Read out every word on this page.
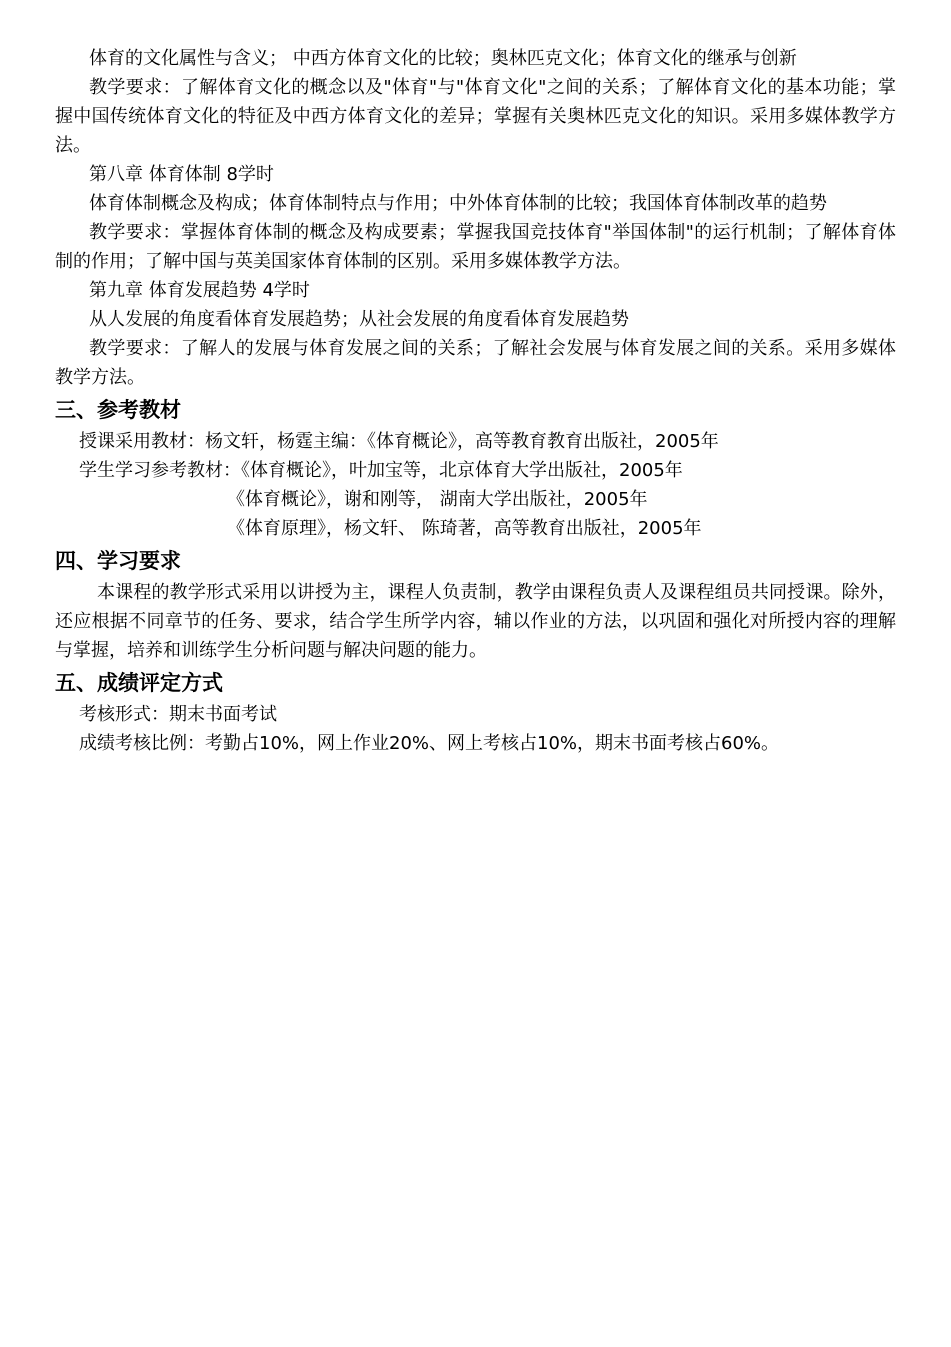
体育的文化属性与含义； 中西方体育文化的比较；奥林匹克文化；体育文化的继承与创新

教学要求：了解体育文化的概念以及"体育"与"体育文化"之间的关系；了解体育文化的基本功能；掌握中国传统体育文化的特征及中西方体育文化的差异；掌握有关奥林匹克文化的知识。采用多媒体教学方法。

第八章 体育体制 8学时
体育体制概念及构成；体育体制特点与作用；中外体育体制的比较；我国体育体制改革的趋势

教学要求：掌握体育体制的概念及构成要素；掌握我国竞技体育"举国体制"的运行机制；了解体育体制的作用；了解中国与英美国家体育体制的区别。采用多媒体教学方法。

第九章 体育发展趋势 4学时
从人发展的角度看体育发展趋势；从社会发展的角度看体育发展趋势

教学要求：了解人的发展与体育发展之间的关系；了解社会发展与体育发展之间的关系。采用多媒体教学方法。

三、参考教材
授课采用教材：杨文轩，杨霆主编：《体育概论》，高等教育教育出版社，2005年
学生学习参考教材：《体育概论》，叶加宝等，北京体育大学出版社，2005年
《体育概论》，谢和刚等， 湖南大学出版社，2005年
《体育原理》，杨文轩、 陈琦著，高等教育出版社，2005年
四、学习要求

本课程的教学形式采用以讲授为主，课程人负责制，教学由课程负责人及课程组员共同授课。除外，还应根据不同章节的任务、要求，结合学生所学内容，辅以作业的方法，以巩固和强化对所授内容的理解与掌握，培养和训练学生分析问题与解决问题的能力。

五、成绩评定方式
考核形式：期末书面考试
成绩考核比例：考勤占10%，网上作业20%、网上考核占10%，期末书面考核占60%。
